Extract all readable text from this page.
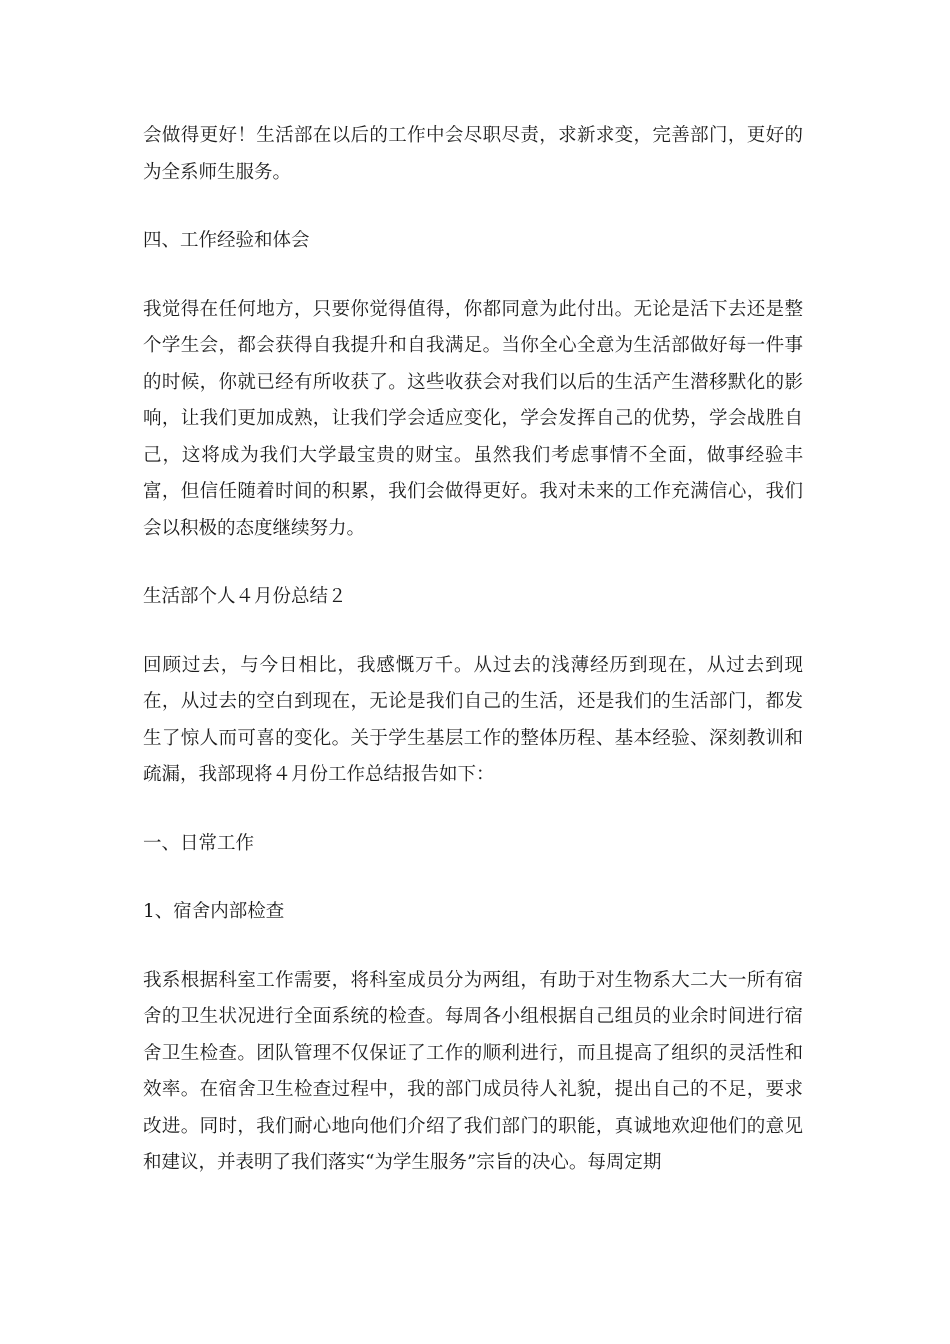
会做得更好！生活部在以后的工作中会尽职尽责，求新求变，完善部门，更好的为全系师生服务。

四、工作经验和体会

我觉得在任何地方，只要你觉得值得，你都同意为此付出。无论是活下去还是整个学生会，都会获得自我提升和自我满足。当你全心全意为生活部做好每一件事的时候，你就已经有所收获了。这些收获会对我们以后的生活产生潜移默化的影响，让我们更加成熟，让我们学会适应变化，学会发挥自己的优势，学会战胜自己，这将成为我们大学最宝贵的财宝。虽然我们考虑事情不全面，做事经验丰富，但信任随着时间的积累，我们会做得更好。我对未来的工作充满信心，我们会以积极的态度继续努力。

生活部个人４月份总结２

回顾过去，与今日相比，我感慨万千。从过去的浅薄经历到现在，从过去到现在，从过去的空白到现在，无论是我们自己的生活，还是我们的生活部门，都发生了惊人而可喜的变化。关于学生基层工作的整体历程、基本经验、深刻教训和疏漏，我部现将４月份工作总结报告如下：

一、日常工作

1、宿舍内部检查

我系根据科室工作需要，将科室成员分为两组，有助于对生物系大二大一所有宿舍的卫生状况进行全面系统的检查。每周各小组根据自己组员的业余时间进行宿舍卫生检查。团队管理不仅保证了工作的顺利进行，而且提高了组织的灵活性和效率。在宿舍卫生检查过程中，我的部门成员待人礼貌，提出自己的不足，要求改进。同时，我们耐心地向他们介绍了我们部门的职能，真诚地欢迎他们的意见和建议，并表明了我们落实“为学生服务”宗旨的决心。每周定期
